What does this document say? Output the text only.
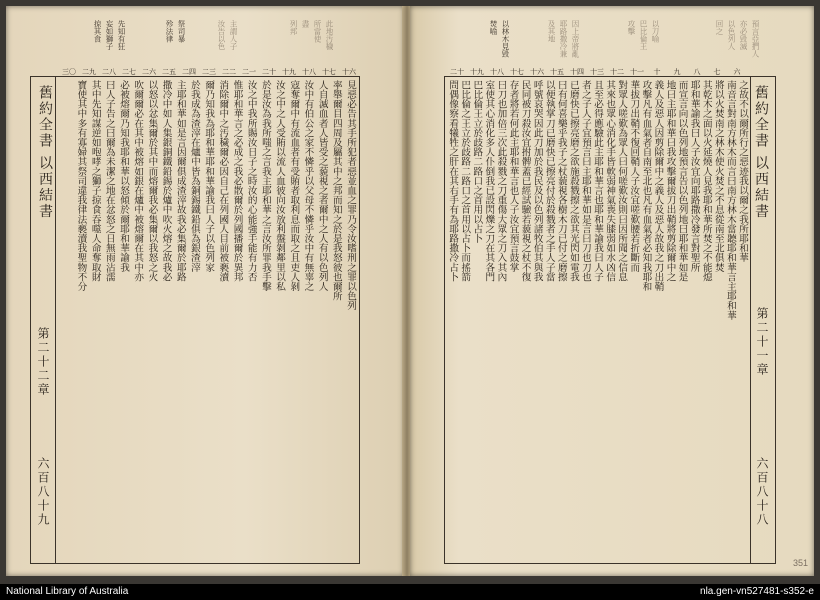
先知有狂
妄如獅子
掠其食	祭司暴
殄法律	主謂人子
汝告以色	此地汚穢
所當使
盡
列邦
舊約全書 以西結書
第二十二章
六百八十九
三〇 二九 二八 二七 二六 二五 二四 二三 二二 二一 二十 十九 十八 十七 十六
見惡必告其手所犯者惡並血之罪乃令汝嗜刑之罪以色列
率舉爾目四周及屬其中之邦而知之於是我怒彼也爾所
人自滅血者人皆受之藐視之者爾中之人有以色列人
汝中有伯公之家不憐乎以父母不憐乎汝中有無辜之
寇奪爾中有流血者有受賄者取利息而取之且吏人剝
汝之中之人受賄以流人血彼向汝放利盤剝鄰里以私
於是汝為我所嗤之言我主耶和華之言汝所罪我手擊
汝之中我所賜汝日子之時汝的心能強手能有力否
惟耶和華言之必成之我必散爾於列國播爾於異邦
消除爾中之汚穢爾必因自己在列國人目前被褻瀆
爾乃知我為耶和華耶和華諭我曰人子以色列家
於我成為渣滓在爐中皆為銅錫鐵鉛俱為銀渣滓
主耶和華如是言因爾俱成渣滓故我必集爾於耶路
撒冷中如人集銀銅鐵鉛錫於爐中吹火熔之故我必
以怒以忿集爾於其中而熔爾我必集爾以我怒之火
吹爾爾必在其中被熔如銀在爐中被熔爾在其中亦
必被熔爾乃知我耶和華以怒傾於爾耶和華諭我
曰人子告之曰爾為未潔之地在忿怒之日無雨沾濡
其中先知謀逆如咆哮之獅子掠食吞噬人命奪取財
寶使其中多有寡婦其祭司違我律法褻瀆我聖物不分
以林木見毀
焚喻	因上帝將亂
耶路撒冷兼
及其地	以刀喻
巴比倫王
攻擊	預言亞捫人
亦必毀滅
以色列人
回之
舊約全書 以西結書
第二十一章
六百八十八
二十 十九 十八 十七 十六 十五 十四 十三 十二 十一	十	九	八	七	六
之故不以爾所行之惡迹我以爾之我所耶和華
南音言對南方林木而言曰南方林木當聽耶和華言主耶和華
將以火焚南之林木使火焚之不息從南至北俱焚
其乾木之面以火延燒人見我耶和華所焚之不能熄
耶和華諭我曰人子汝宜向耶路撒冷發言對聖所
而宣言向以色列地預言告以色列地曰耶和華如是
地曰主耶和華曰我攻擊爾拔刀出鞘將剪除爾中之
義人及惡人因剪除爾中之義人及惡人故我之刀出鞘
攻擊凡有血氣者自南至北也凡有血氣者必知我耶和
華拔刀出鞘不復回鞘人子汝宜嗟歎腰若折斷而
對眾人嗟歎為眾人曰何嗟歎汝則曰因所聞之信息
其來也眾心消化手皆軟弱神氣喪失膝弱如水凶信
且至必得應驗此主耶和華言也耶和華諭我曰人子
者之子人子宜預言曰主耶和華如是言曰刀也刀也
已磨快已擦亮磨之欲施殺戮擦之欲其光閃如電我
曰有何喜樂乎我子之杖藐視各樹木刀已付之磨擦
以便執掌刀已磨快已擦亮付於殺戮者之手人子當
呼號哀哭因此刀加於我民及以色列諸牧伯其與我
民同被刀殺汝宜拊髀蓋已經試驗若藐視之杖不復
存者將若何此主耶和華言也人子汝宜預言鼓掌
曰刀也加倍三次此殺戮之刀重傷大眾之刀入其內
室使其心消化多人仆倒我已設閃爍之刀在其各門
巴比倫王立於歧路二路口之首用以占卜
巴比倫之王立於歧路二路口之首用以占卜而搖箭
問偶像察看犧牲之肝在其右手有為耶路撒冷占卜
351
National Library of Australia	nla.gen-vn527481-s352-e
